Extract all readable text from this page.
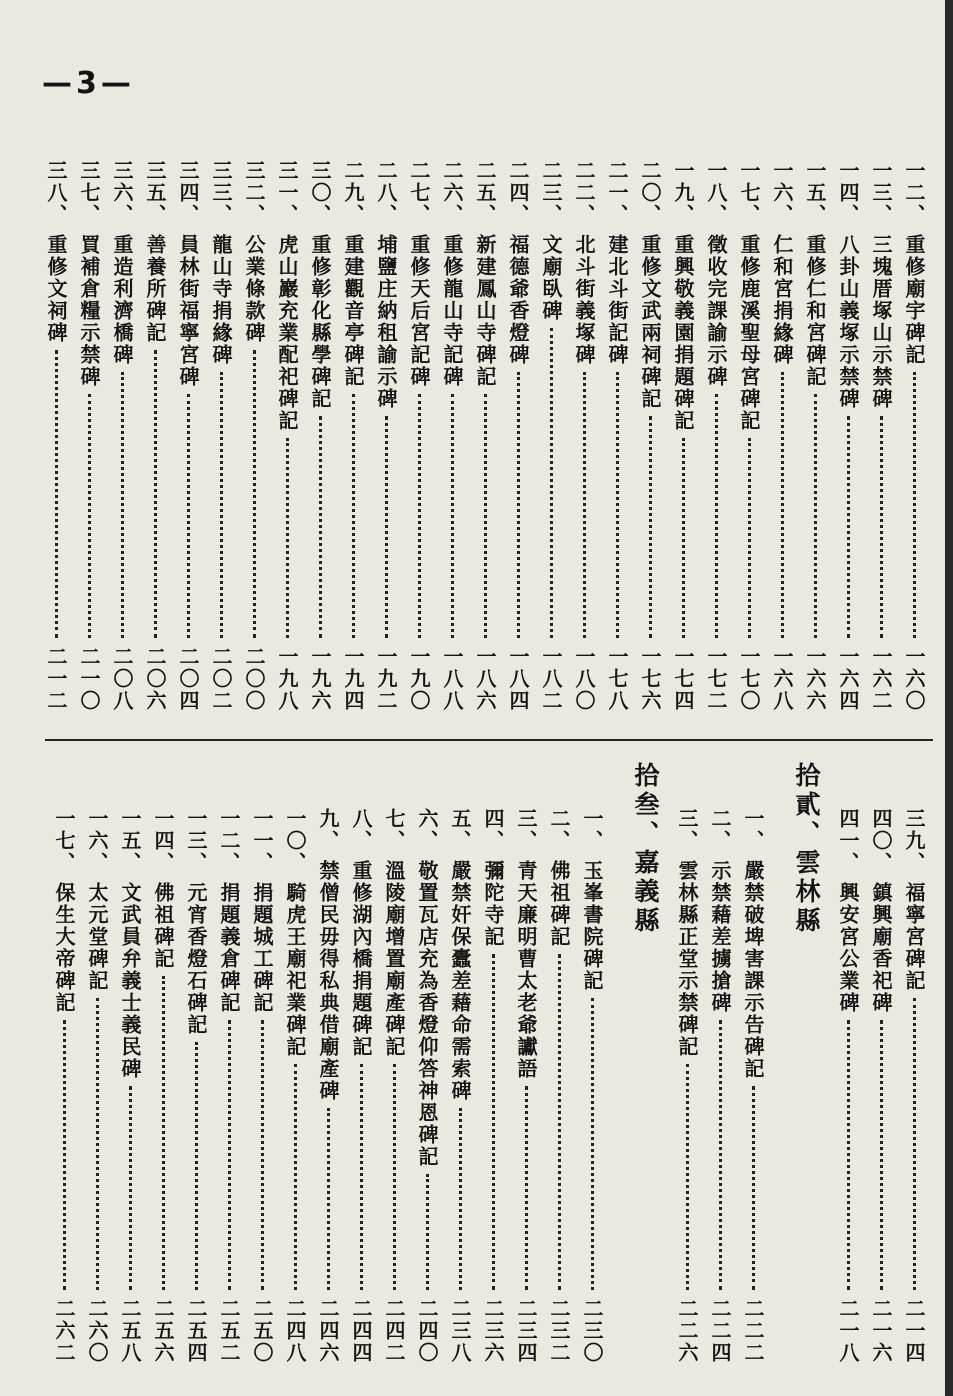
—3—
一二、
重修廟宇碑記
一六〇
一三、
三塊厝塚山示禁碑
一六二
一四、
八卦山義塚示禁碑
一六四
一五、
重修仁和宮碑記
一六六
一六、
仁和宮捐緣碑
一六八
一七、
重修鹿溪聖母宮碑記
一七〇
一八、
徵收完課諭示碑
一七二
一九、
重興敬義園捐題碑記
一七四
二〇、
重修文武兩祠碑記
一七六
二一、
建北斗街記碑
一七八
二二、
北斗街義塚碑
一八〇
二三、
文廟臥碑
一八二
二四、
福德爺香燈碑
一八四
二五、
新建鳳山寺碑記
一八六
二六、
重修龍山寺記碑
一八八
二七、
重修天后宮記碑
一九〇
二八、
埔鹽庄納租諭示碑
一九二
二九、
重建觀音亭碑記
一九四
三〇、
重修彰化縣學碑記
一九六
三一、
虎山巖充業配祀碑記
一九八
三二、
公業條款碑
二〇〇
三三、
龍山寺捐緣碑
二〇二
三四、
員林街福寧宮碑
二〇四
三五、
善養所碑記
二〇六
三六、
重造利濟橋碑
二〇八
三七、
買補倉糧示禁碑
二一〇
三八、
重修文祠碑
二一二
三九、
福寧宮碑記
二一四
四〇、
鎮興廟香祀碑
二一六
四一、
興安宮公業碑
二一八
拾貳、雲林縣
一、
嚴禁破埤害課示告碑記
二二二
二、
示禁藉差擄搶碑
二二四
三、
雲林縣正堂示禁碑記
二二六
拾叁、嘉義縣
一、
玉峯書院碑記
二三〇
二、
佛祖碑記
二三二
三、
青天廉明曹太老爺讞語
二三四
四、
彌陀寺記
二三六
五、
嚴禁奸保蠹差藉命需索碑
二三八
六、
敬置瓦店充為香燈仰答神恩碑記
二四〇
七、
溫陵廟增置廟產碑記
二四二
八、
重修湖內橋捐題碑記
二四四
九、
禁僧民毋得私典借廟產碑
二四六
一〇、
騎虎王廟祀業碑記
二四八
一一、
捐題城工碑記
二五〇
一二、
捐題義倉碑記
二五二
一三、
元宵香燈石碑記
二五四
一四、
佛祖碑記
二五六
一五、
文武員弁義士義民碑
二五八
一六、
太元堂碑記
二六〇
一七、
保生大帝碑記
二六二
